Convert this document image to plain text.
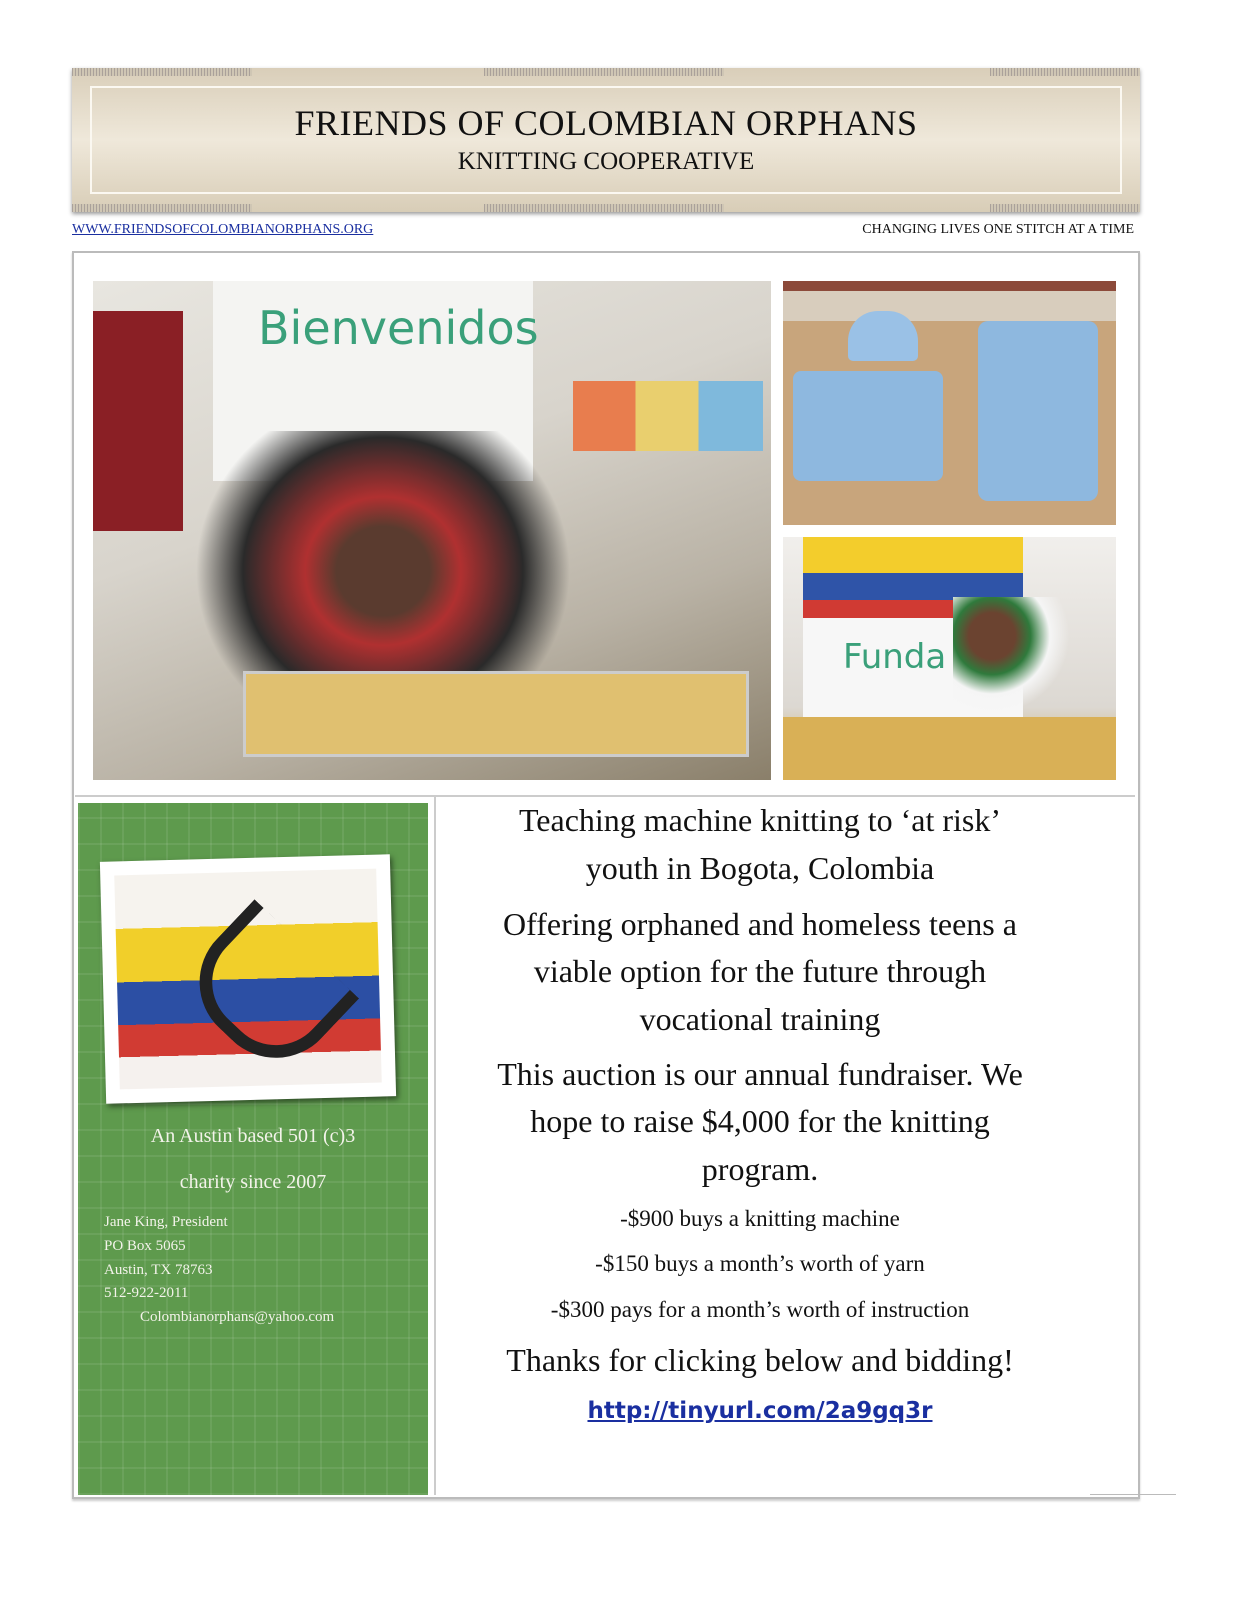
FRIENDS OF COLOMBIAN ORPHANS
KNITTING COOPERATIVE
WWW.FRIENDSOFCOLOMBIANORPHANS.ORG	CHANGING LIVES ONE STITCH AT A TIME
Bienvenidos
Funda
An Austin based 501 (c)3
charity since 2007
Jane King, President
PO Box 5065
Austin, TX 78763
512-922-2011
Colombianorphans@yahoo.com
Teaching machine knitting to ‘at risk’
youth in Bogota, Colombia
Offering orphaned and homeless teens a
viable option for the future through
vocational training
This auction is our annual fundraiser. We
hope to raise $4,000 for the knitting
program.
-$900 buys a knitting machine
-$150 buys a month’s worth of yarn
-$300 pays for a month’s worth of instruction
Thanks for clicking below and bidding!
http://tinyurl.com/2a9gq3r
